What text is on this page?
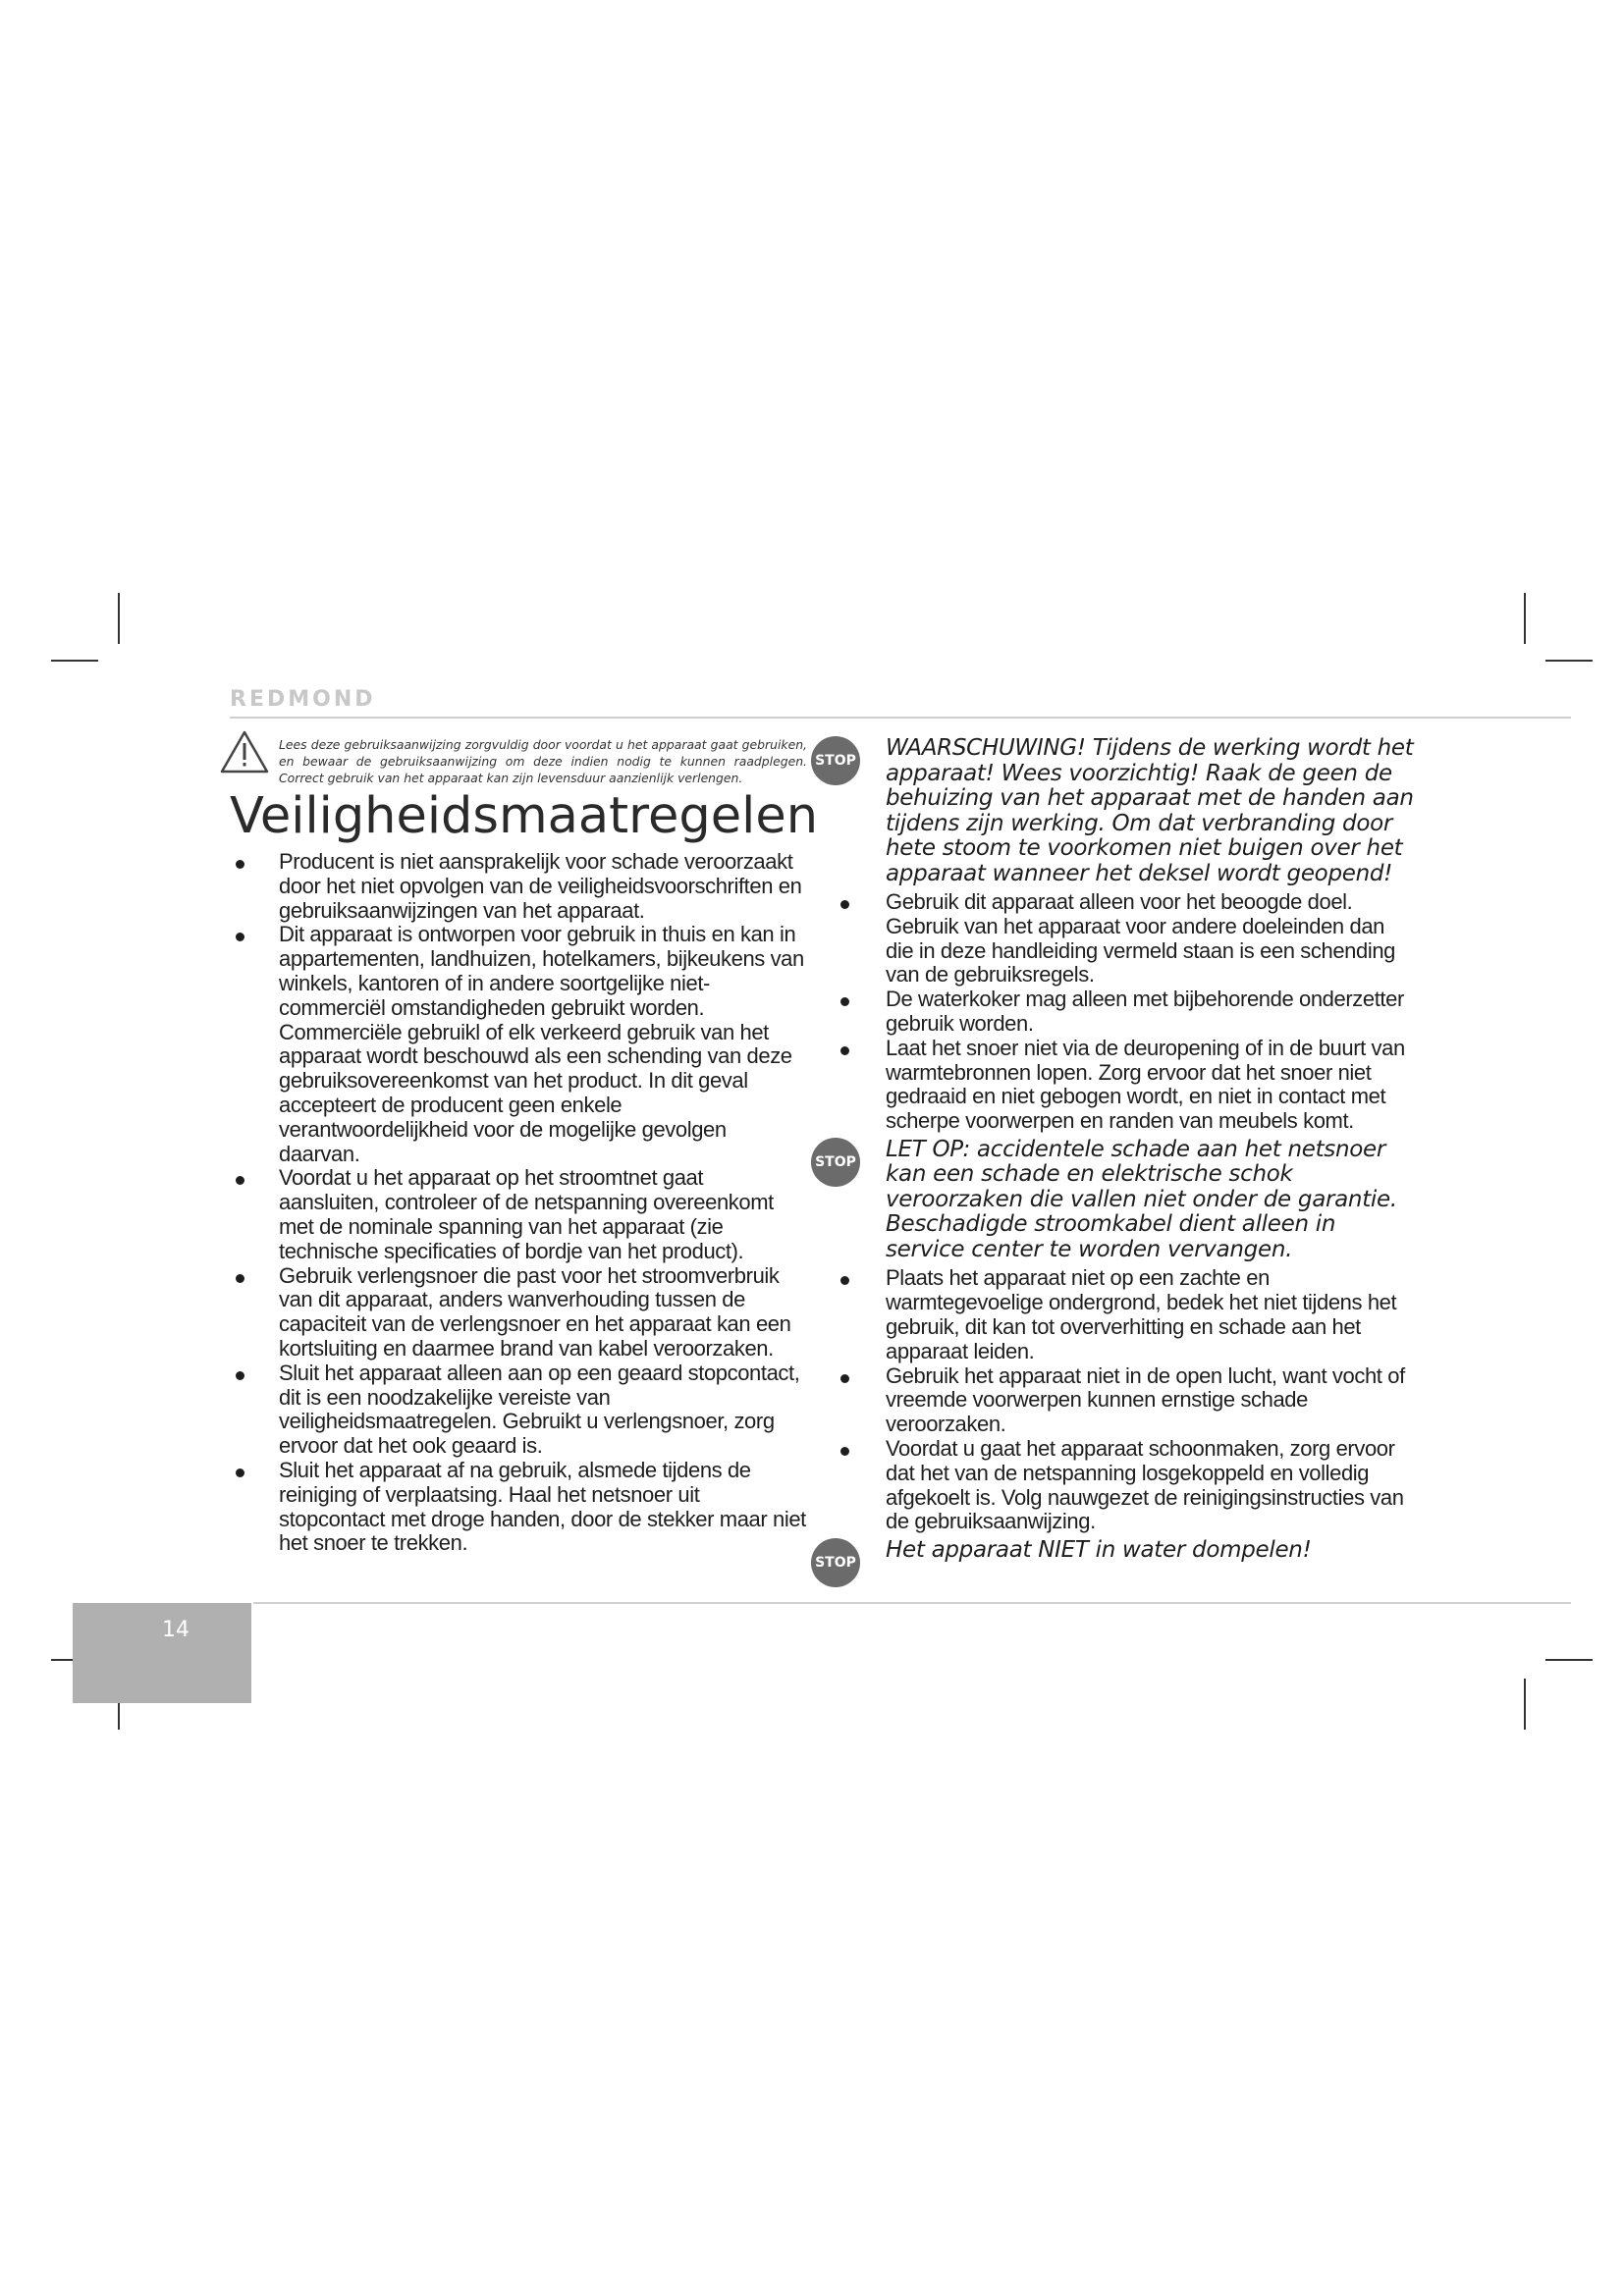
REDMOND
Lees deze gebruiksaanwijzing zorgvuldig door voordat u het apparaat gaat gebruiken, en bewaar de gebruiksaanwijzing om deze indien nodig te kunnen raadplegen. Correct gebruik van het apparaat kan zijn levensduur aanzienlijk verlengen.
Veiligheidsmaatregelen
Producent is niet aansprakelijk voor schade veroorzaakt door het niet opvolgen van de veiligheidsvoorschriften en gebruiksaanwijzingen van het apparaat.
Dit apparaat is ontworpen voor gebruik in thuis en kan in appartementen, landhuizen, hotelkamers, bijkeukens van winkels, kantoren of in andere soortgelijke niet- commerciël omstandigheden gebruikt worden. Commerciële gebruikl of elk verkeerd gebruik van het apparaat wordt beschouwd als een schending van deze gebruiksovereenkomst van het product. In dit geval accepteert de producent geen enkele verantwoordelijkheid voor de mogelijke gevolgen daarvan.
Voordat u het apparaat op het stroomtnet gaat aansluiten, controleer of de netspanning overeenkomt met de nominale spanning van het apparaat (zie technische specificaties of bordje van het product).
Gebruik verlengsnoer die past voor het stroomverbruik van dit apparaat, anders wanverhouding tussen de capaciteit van de verlengsnoer en het apparaat kan een kortsluiting en daarmee brand van kabel veroorzaken.
Sluit het apparaat alleen aan op een geaard stopcontact, dit is een noodzakelijke vereiste van veiligheidsmaatregelen. Gebruikt u verlengsnoer, zorg ervoor dat het ook geaard is.
Sluit het apparaat af na gebruik, alsmede tijdens de reiniging of verplaatsing. Haal het netsnoer uit stopcontact met droge handen, door de stekker maar niet het snoer te trekken.
STOP WAARSCHUWING! Tijdens de werking wordt het apparaat! Wees voorzichtig! Raak de geen de behuizing van het apparaat met de handen aan tijdens zijn werking. Om dat verbranding door hete stoom te voorkomen niet buigen over het apparaat wanneer het deksel wordt geopend!
Gebruik dit apparaat alleen voor het beoogde doel. Gebruik van het apparaat voor andere doeleinden dan die in deze handleiding vermeld staan is een schending van de gebruiksregels.
De waterkoker mag alleen met bijbehorende onderzetter gebruik worden.
Laat het snoer niet via de deuropening of in de buurt van warmtebronnen lopen. Zorg ervoor dat het snoer niet gedraaid en niet gebogen wordt, en niet in contact met scherpe voorwerpen en randen van meubels komt.
STOP LET OP: accidentele schade aan het netsnoer kan een schade en elektrische schok veroorzaken die vallen niet onder de garantie. Beschadigde stroomkabel dient alleen in service center te worden vervangen.
Plaats het apparaat niet op een zachte en warmtegevoelige ondergrond, bedek het niet tijdens het gebruik, dit kan tot oververhitting en schade aan het apparaat leiden.
Gebruik het apparaat niet in de open lucht, want vocht of vreemde voorwerpen kunnen ernstige schade veroorzaken.
Voordat u gaat het apparaat schoonmaken, zorg ervoor dat het van de netspanning losgekoppeld en volledig afgekoelt is. Volg nauwgezet de reinigingsinstructies van de gebruiksaanwijzing.
STOP Het apparaat NIET in water dompelen!
14
